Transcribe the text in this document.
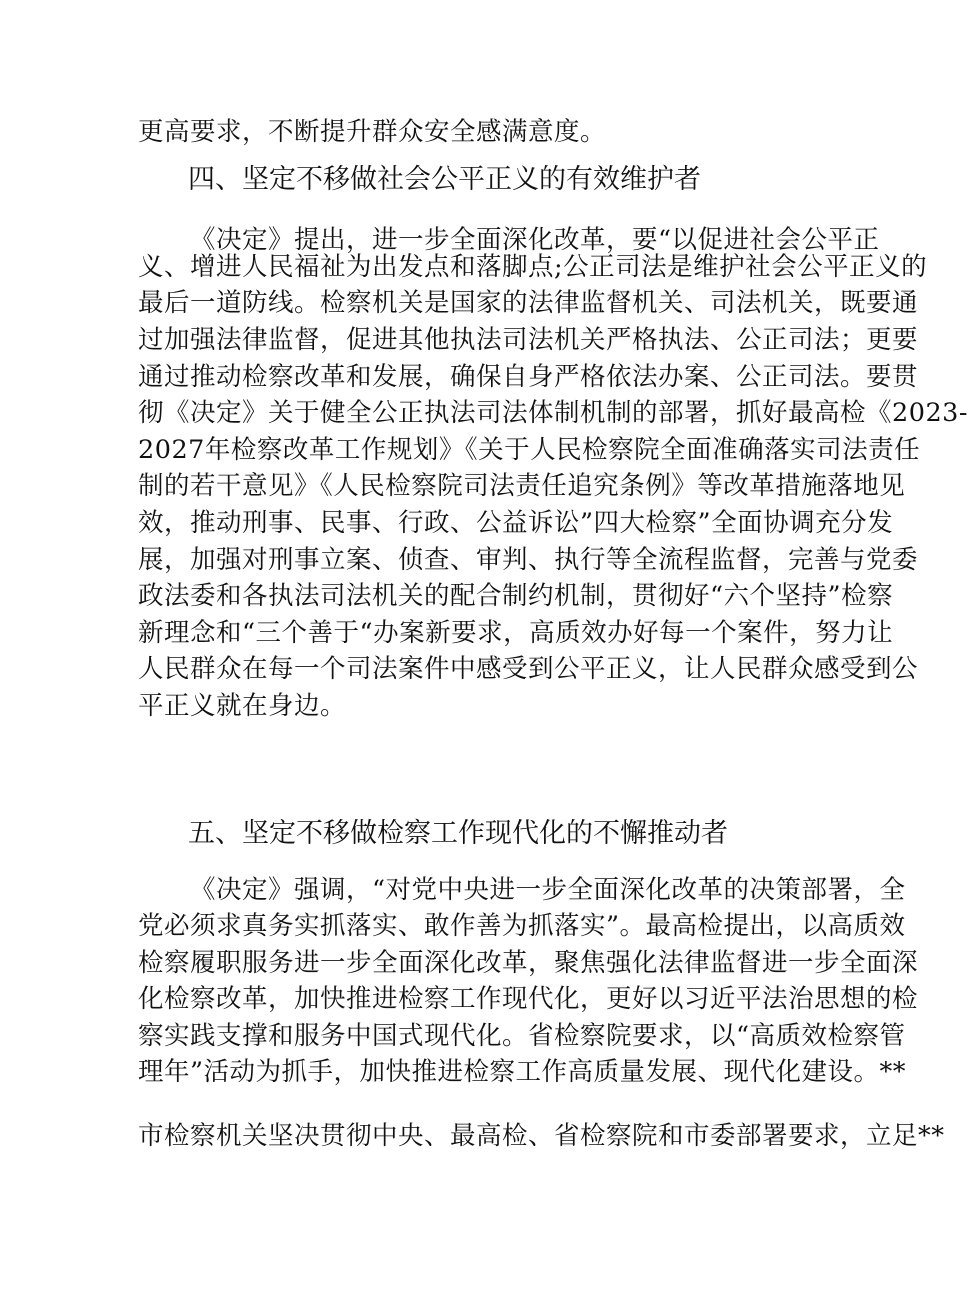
更高要求，不断提升群众安全感满意度。
四、坚定不移做社会公平正义的有效维护者
《决定》提出，进一步全面深化改革，要“以促进社会公平正
义、增进人民福祉为出发点和落脚点;公正司法是维护社会公平正义的
最后一道防线。检察机关是国家的法律监督机关、司法机关，既要通
过加强法律监督，促进其他执法司法机关严格执法、公正司法；更要
通过推动检察改革和发展，确保自身严格依法办案、公正司法。要贯
彻《决定》关于健全公正执法司法体制机制的部署，抓好最高检《2023-
2027年检察改革工作规划》《关于人民检察院全面准确落实司法责任
制的若干意见》《人民检察院司法责任追究条例》等改革措施落地见
效，推动刑事、民事、行政、公益诉讼”四大检察”全面协调充分发
展，加强对刑事立案、侦查、审判、执行等全流程监督，完善与党委
政法委和各执法司法机关的配合制约机制，贯彻好“六个坚持”检察
新理念和“三个善于“办案新要求，高质效办好每一个案件，努力让
人民群众在每一个司法案件中感受到公平正义，让人民群众感受到公
平正义就在身边。
五、坚定不移做检察工作现代化的不懈推动者
《决定》强调，“对党中央进一步全面深化改革的决策部署，全
党必须求真务实抓落实、敢作善为抓落实”。最高检提出，以高质效
检察履职服务进一步全面深化改革，聚焦强化法律监督进一步全面深
化检察改革，加快推进检察工作现代化，更好以习近平法治思想的检
察实践支撑和服务中国式现代化。省检察院要求，以“高质效检察管
理年”活动为抓手，加快推进检察工作高质量发展、现代化建设。**
市检察机关坚决贯彻中央、最高检、省检察院和市委部署要求，立足**
